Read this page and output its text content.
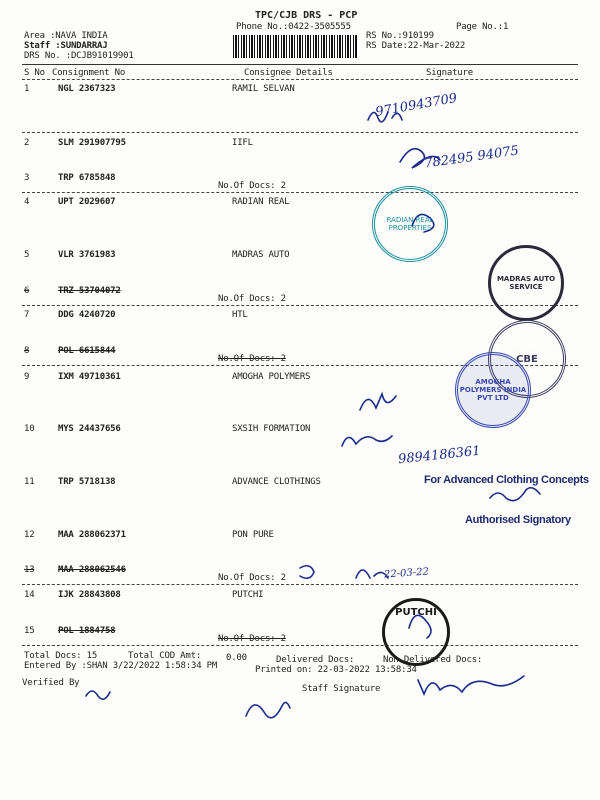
TPC/CJB DRS - PCP
Phone No.:0422-3505555	Page No.:1
Area :NAVA INDIA
Staff :SUNDARRAJ
DRS No. :DCJB91019901
RS No.:910199
RS Date:22-Mar-2022
S No Consignment No	Consignee Details	Signature
1	NGL 2367323	RAMIL SELVAN
2	SLM 291907795	IIFL
3	TRP 6785848
No.Of Docs: 2
4	UPT 2029607	RADIAN REAL
5	VLR 3761983	MADRAS AUTO
6	TRZ 53704072
No.Of Docs: 2
7	DDG 4240720	HTL
8	POL 6615844
No.Of Docs: 2
9	IXM 49710361	AMOGHA POLYMERS
10	MYS 24437656	SXSIH FORMATION
11	TRP 5718138	ADVANCE CLOTHINGS
12	MAA 288062371	PON PURE
13	MAA 288062546
No.Of Docs: 2
14	IJK 28843808	PUTCHI
15	POL 1884758
No.Of Docs: 2
Total Docs: 15	Total COD Amt:	0.00	Delivered Docs:	Non Delivered Docs:
Entered By :SHAN 3/22/2022 1:58:34 PM	Printed on: 22-03-2022 13:58:34
Verified By
Staff Signature
9710943709
782495 94075
9894186361
22-03-22
RADIAN REAL PROPERTIES
MADRAS AUTO SERVICE
CBE
AMOGHA POLYMERS INDIA PVT LTD
For Advanced Clothing Concepts
Authorised Signatory
PUTCHI
